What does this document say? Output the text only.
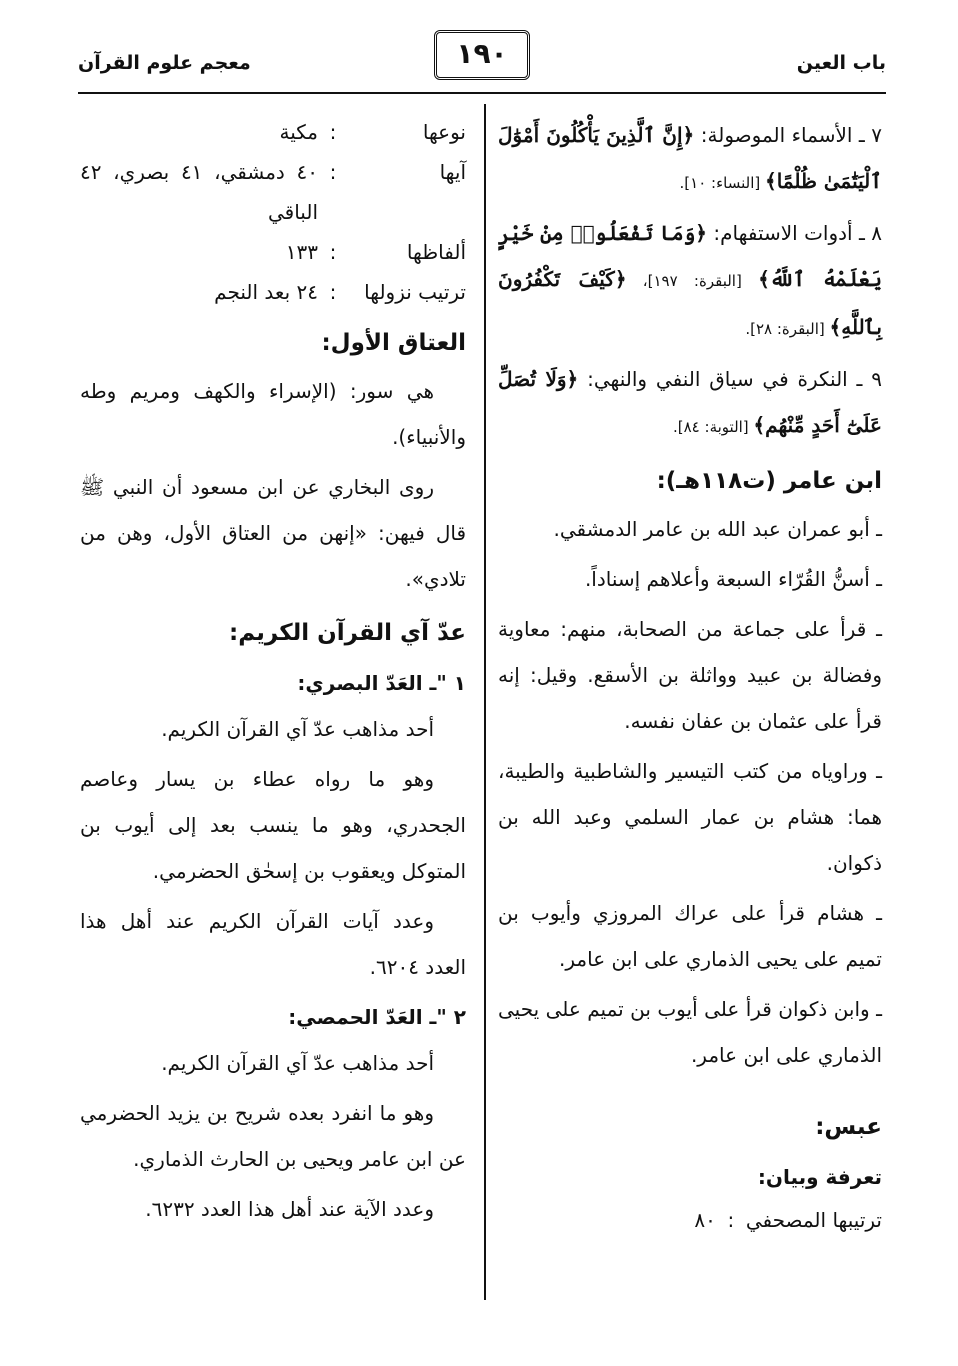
باب العين
١٩٠
معجم علوم القرآن

٧ ـ الأسماء الموصولة: ﴿إِنَّ ٱلَّذِينَ يَأْكُلُونَ أَمْوَٰلَ ٱلْيَتَٰمَىٰ ظُلْمًا﴾ [النساء: ١٠].

٨ ـ أدوات الاستفهام: ﴿وَمَا تَفْعَلُوا۟ مِنْ خَيْرٍ يَعْلَمْهُ ٱللَّهُ﴾ [البقرة: ١٩٧]، ﴿كَيْفَ تَكْفُرُونَ بِٱللَّهِ﴾ [البقرة: ٢٨].

٩ ـ النكرة في سياق النفي والنهي: ﴿وَلَا تُصَلِّ عَلَىٰٓ أَحَدٍ مِّنْهُم﴾ [التوبة: ٨٤].

ابن عامر (ت١١٨هـ):

ـ أبو عمران عبد الله بن عامر الدمشقي.

ـ أسنُّ القُرّاء السبعة وأعلاهم إسناداً.

ـ قرأ على جماعة من الصحابة، منهم: معاوية وفضالة بن عبيد وواثلة بن الأسقع. وقيل: إنه قرأ على عثمان بن عفان نفسه.

ـ وراوياه من كتب التيسير والشاطبية والطيبة، هما: هشام بن عمار السلمي وعبد الله بن ذكوان.

ـ هشام قرأ على عراك المروزي وأيوب بن تميم على يحيى الذماري على ابن عامر.

ـ وابن ذكوان قرأ على أيوب بن تميم على يحيى الذماري على ابن عامر.

عبس:
تعرفة وبيان:
ترتيبها المصحفي
:
٨٠
نوعها
:
مكية
آيها
:
٤٠ دمشقي، ٤١ بصري، ٤٢ الباقي
ألفاظها
:
١٣٣
ترتيب نزولها
:
٢٤ بعد النجم
العتاق الأول:

هي سور: (الإسراء والكهف ومريم وطه والأنبياء).

روى البخاري عن ابن مسعود أن النبي ﷺ قال فيهن: «إنهن من العتاق الأول، وهن من تلادي».

عدّ آي القرآن الكريم:
١ "ـ العَدّ البصري:

أحد مذاهب عدّ آي القرآن الكريم.

وهو ما رواه عطاء بن يسار وعاصم الجحدري، وهو ما ينسب بعد إلى أيوب بن المتوكل ويعقوب بن إسحٰق الحضرمي.

وعدد آيات القرآن الكريم عند أهل هذا العدد ٦٢٠٤.

٢ "ـ العَدّ الحمصي:

أحد مذاهب عدّ آي القرآن الكريم.

وهو ما انفرد بعده شريح بن يزيد الحضرمي عن ابن عامر ويحيى بن الحارث الذماري.

وعدد الآية عند أهل هذا العدد ٦٢٣٢.
